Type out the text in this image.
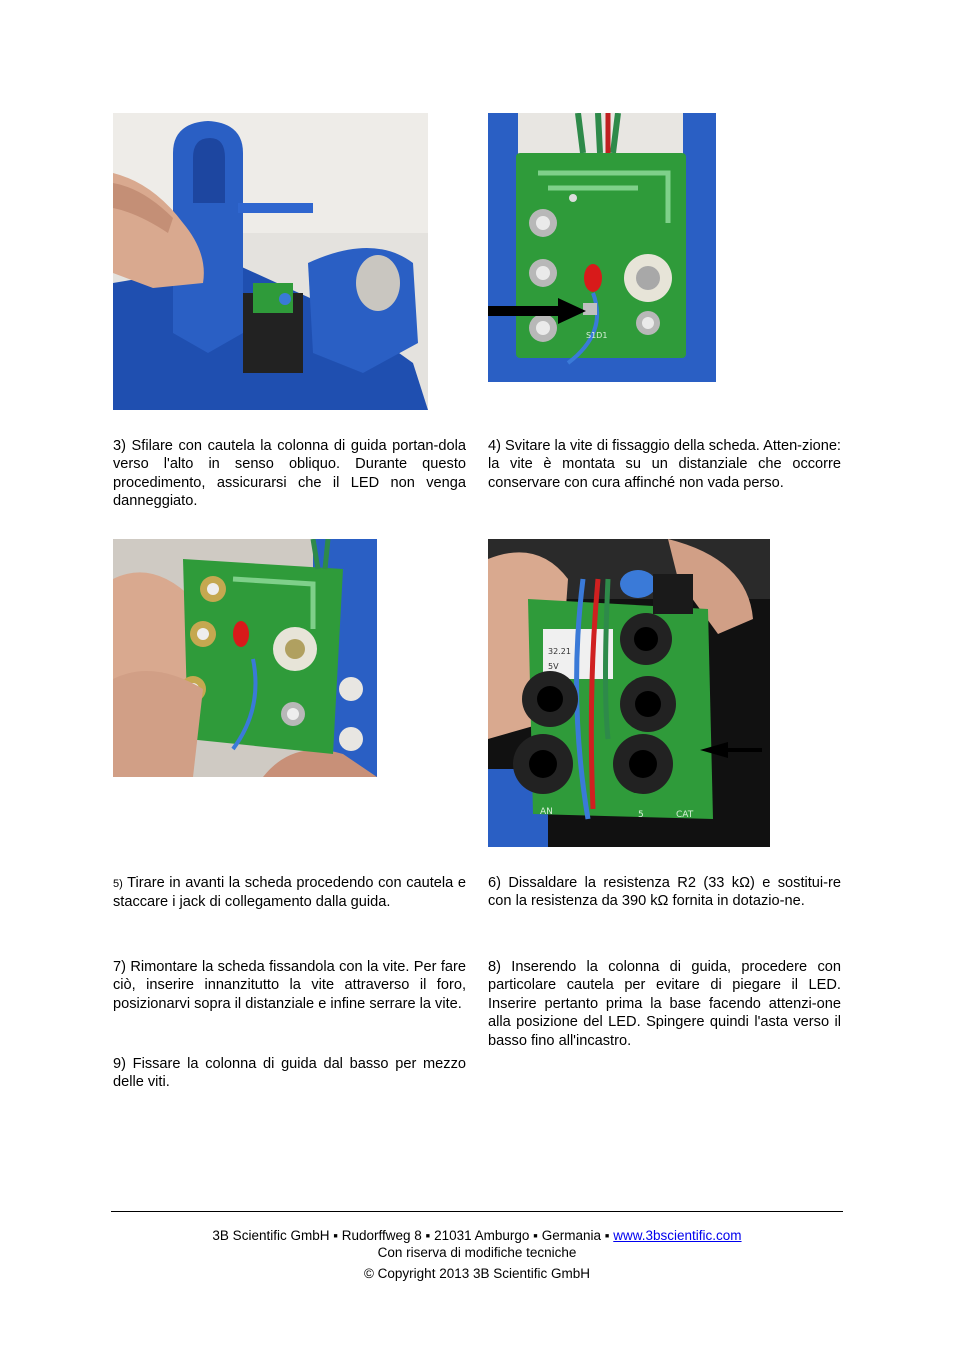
S1D1

3) Sfilare con cautela la colonna di guida portan-dola verso l'alto in senso obliquo. Durante questo procedimento, assicurarsi che il LED non venga danneggiato.

4) Svitare la vite di fissaggio della scheda. Atten-zione: la vite è montata su un distanziale che occorre conservare con cura affinché non vada perso.

32.21
5V
AN	CAT
5

5) Tirare in avanti la scheda procedendo con cautela e staccare i jack di collegamento dalla guida.

6) Dissaldare la resistenza R2 (33 kΩ) e sostitui-re con la resistenza da 390 kΩ fornita in dotazio-ne.

7) Rimontare la scheda fissandola con la vite. Per fare ciò, inserire innanzitutto la vite attraverso il foro, posizionarvi sopra il distanziale e infine serrare la vite.

8) Inserendo la colonna di guida, procedere con particolare cautela per evitare di piegare il LED. Inserire pertanto prima la base facendo attenzi-one alla posizione del LED. Spingere quindi l'asta verso il basso fino all'incastro.

9) Fissare la colonna di guida dal basso per mezzo delle viti.

3B Scientific GmbH ▪ Rudorffweg 8 ▪ 21031 Amburgo ▪ Germania ▪ www.3bscientific.com
Con riserva di modifiche tecniche
© Copyright 2013 3B Scientific GmbH
